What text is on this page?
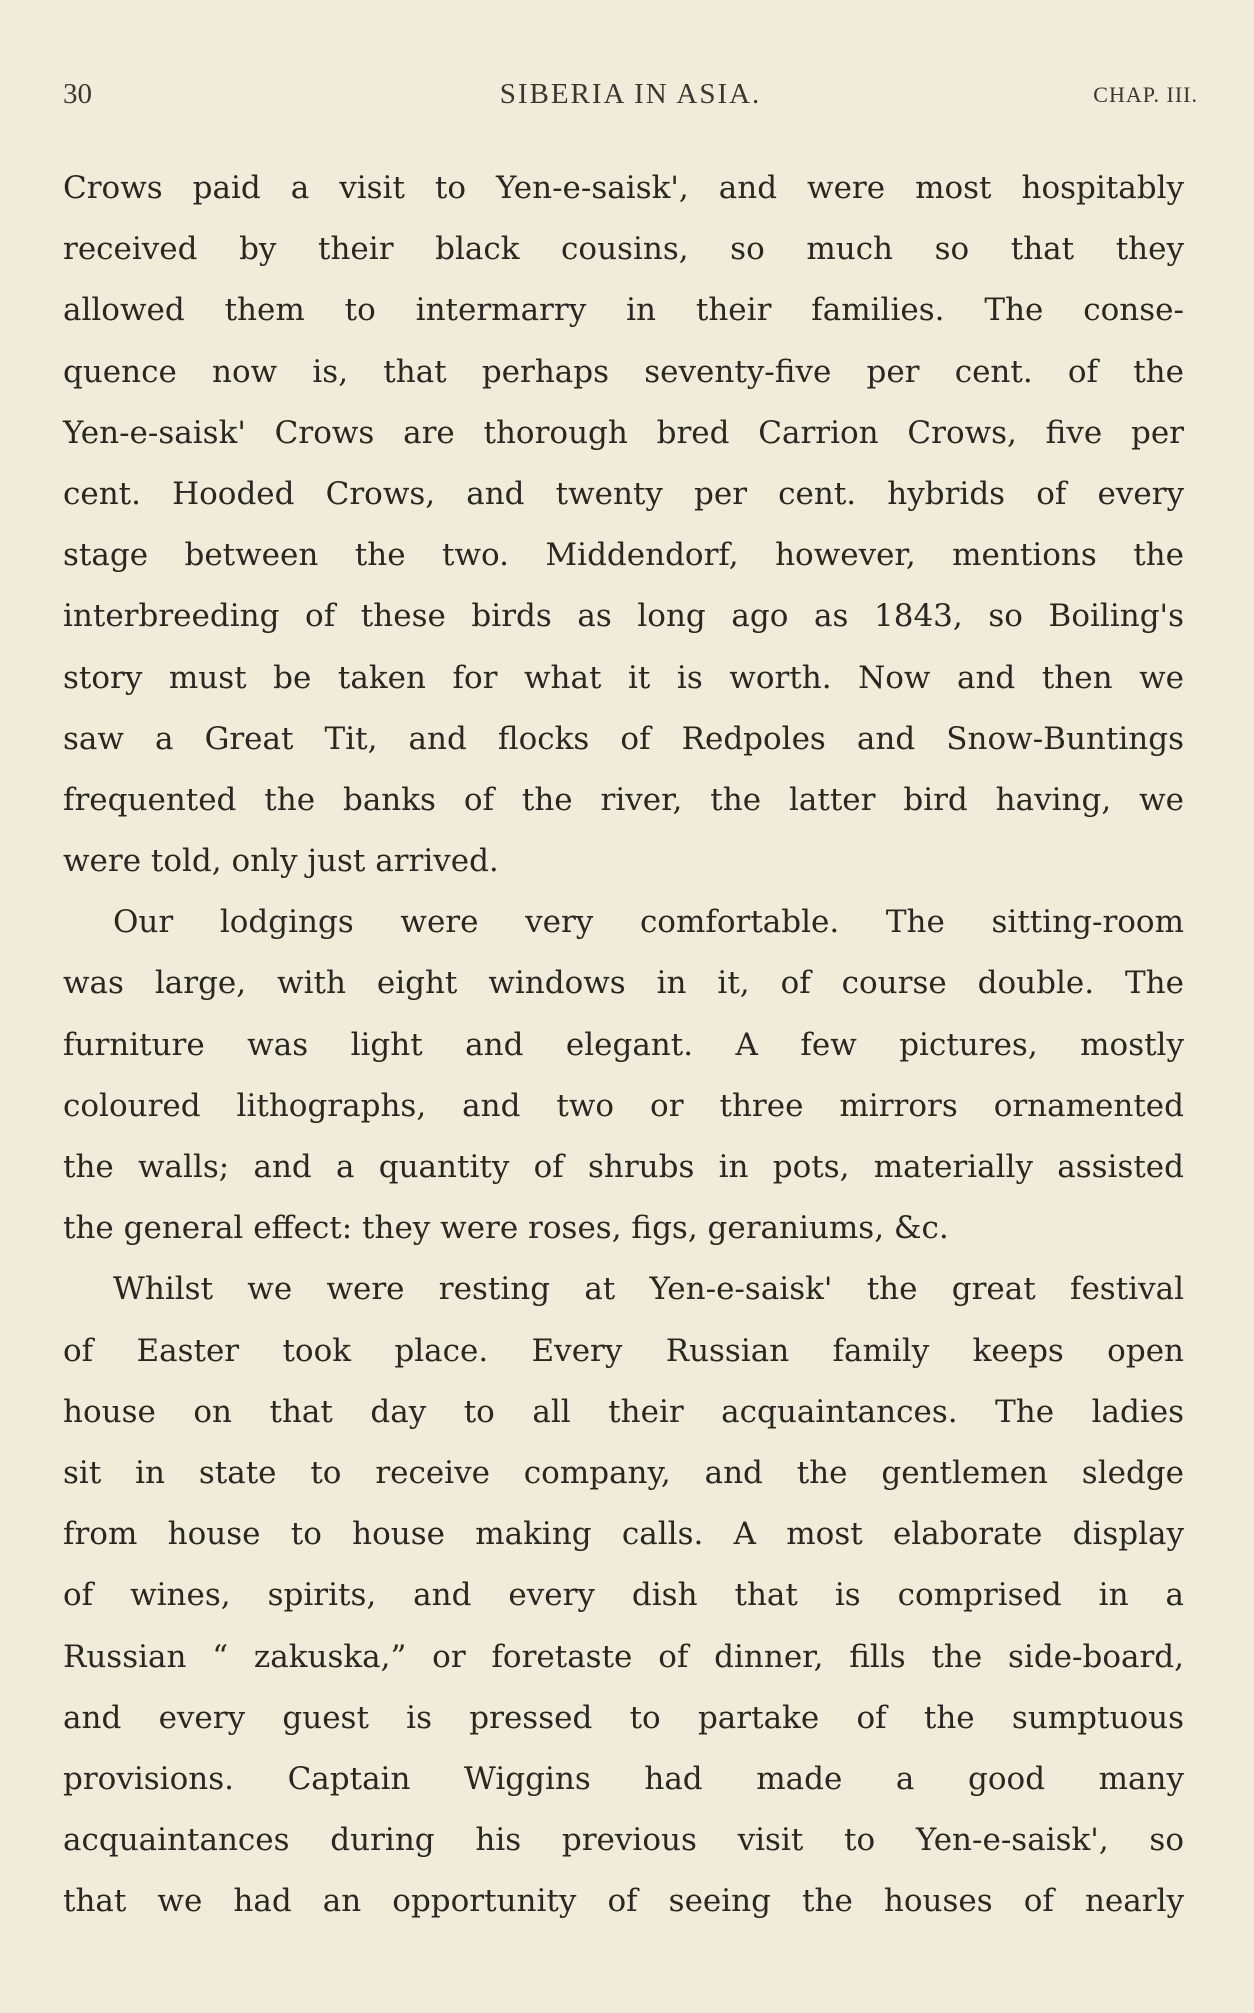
30	SIBERIA IN ASIA.	CHAP. III.
Crows paid a visit to Yen-e-saisk', and were most hospitably
received by their black cousins, so much so that they
allowed them to intermarry in their families. The conse-
quence now is, that perhaps seventy-five per cent. of the
Yen-e-saisk' Crows are thorough bred Carrion Crows, five per
cent. Hooded Crows, and twenty per cent. hybrids of every
stage between the two. Middendorf, however, mentions the
interbreeding of these birds as long ago as 1843, so Boiling's
story must be taken for what it is worth. Now and then we
saw a Great Tit, and flocks of Redpoles and Snow-Buntings
frequented the banks of the river, the latter bird having, we
were told, only just arrived.
Our lodgings were very comfortable. The sitting-room
was large, with eight windows in it, of course double. The
furniture was light and elegant. A few pictures, mostly
coloured lithographs, and two or three mirrors ornamented
the walls; and a quantity of shrubs in pots, materially assisted
the general effect: they were roses, figs, geraniums, &c.
Whilst we were resting at Yen-e-saisk' the great festival
of Easter took place. Every Russian family keeps open
house on that day to all their acquaintances. The ladies
sit in state to receive company, and the gentlemen sledge
from house to house making calls. A most elaborate display
of wines, spirits, and every dish that is comprised in a
Russian “ zakuska,” or foretaste of dinner, fills the side-board,
and every guest is pressed to partake of the sumptuous
provisions. Captain Wiggins had made a good many
acquaintances during his previous visit to Yen-e-saisk', so
that we had an opportunity of seeing the houses of nearly
